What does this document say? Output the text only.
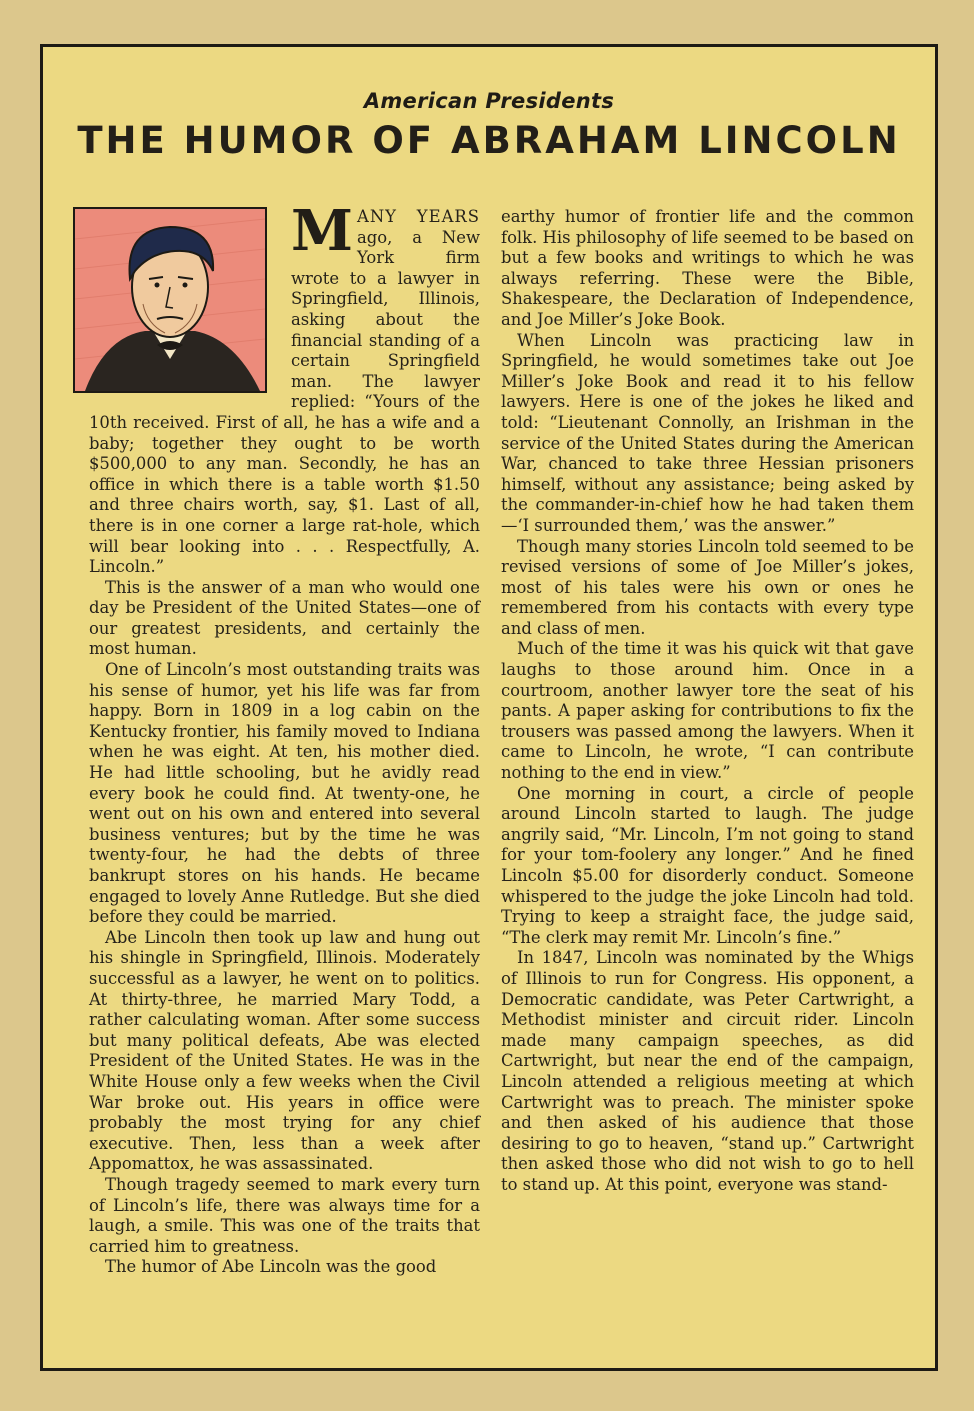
American Presidents
THE HUMOR OF ABRAHAM LINCOLN

M ANY YEARS ago, a New York firm wrote to a lawyer in Springfield, Illinois, asking about the financial standing of a certain Springfield man. The lawyer replied: “Yours of the 10th received. First of all, he has a wife and a baby; together they ought to be worth $500,000 to any man. Secondly, he has an office in which there is a table worth $1.50 and three chairs worth, say, $1. Last of all, there is in one corner a large rat-hole, which will bear looking into . . . Respectfully, A. Lincoln.”

This is the answer of a man who would one day be President of the United States—one of our greatest presidents, and certainly the most human.

One of Lincoln’s most outstanding traits was his sense of humor, yet his life was far from happy. Born in 1809 in a log cabin on the Kentucky frontier, his family moved to Indiana when he was eight. At ten, his mother died. He had little schooling, but he avidly read every book he could find. At twenty-one, he went out on his own and entered into several business ventures; but by the time he was twenty-four, he had the debts of three bankrupt stores on his hands. He became engaged to lovely Anne Rutledge. But she died before they could be married.

Abe Lincoln then took up law and hung out his shingle in Springfield, Illinois. Moderately successful as a lawyer, he went on to politics. At thirty-three, he married Mary Todd, a rather calculating woman. After some success but many political defeats, Abe was elected President of the United States. He was in the White House only a few weeks when the Civil War broke out. His years in office were probably the most trying for any chief executive. Then, less than a week after Appomattox, he was assassinated.

Though tragedy seemed to mark every turn of Lincoln’s life, there was always time for a laugh, a smile. This was one of the traits that carried him to greatness.

The humor of Abe Lincoln was the good

earthy humor of frontier life and the common folk. His philosophy of life seemed to be based on but a few books and writings to which he was always referring. These were the Bible, Shakespeare, the Declaration of Independence, and Joe Miller’s Joke Book.

When Lincoln was practicing law in Springfield, he would sometimes take out Joe Miller’s Joke Book and read it to his fellow lawyers. Here is one of the jokes he liked and told: “Lieutenant Connolly, an Irishman in the service of the United States during the American War, chanced to take three Hessian prisoners himself, without any assistance; being asked by the commander-in-chief how he had taken them—‘I surrounded them,’ was the answer.”

Though many stories Lincoln told seemed to be revised versions of some of Joe Miller’s jokes, most of his tales were his own or ones he remembered from his contacts with every type and class of men.

Much of the time it was his quick wit that gave laughs to those around him. Once in a courtroom, another lawyer tore the seat of his pants. A paper asking for contributions to fix the trousers was passed among the lawyers. When it came to Lincoln, he wrote, “I can contribute nothing to the end in view.”

One morning in court, a circle of people around Lincoln started to laugh. The judge angrily said, “Mr. Lincoln, I’m not going to stand for your tom-foolery any longer.” And he fined Lincoln $5.00 for disorderly conduct. Someone whispered to the judge the joke Lincoln had told. Trying to keep a straight face, the judge said, “The clerk may remit Mr. Lincoln’s fine.”

In 1847, Lincoln was nominated by the Whigs of Illinois to run for Congress. His opponent, a Democratic candidate, was Peter Cartwright, a Methodist minister and circuit rider. Lincoln made many campaign speeches, as did Cartwright, but near the end of the campaign, Lincoln attended a religious meeting at which Cartwright was to preach. The minister spoke and then asked of his audience that those desiring to go to heaven, “stand up.” Cartwright then asked those who did not wish to go to hell to stand up. At this point, everyone was stand-
